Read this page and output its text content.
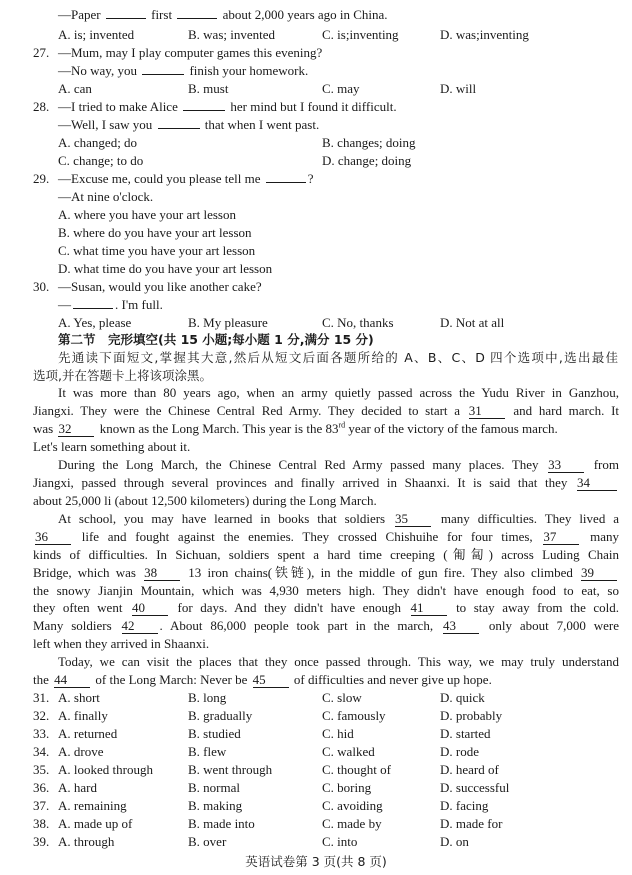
—Paper	first	about 2,000 years ago in China.
A. is; invented	B. was; invented	C. is;inventing	D. was;inventing
27. —Mum, may I play computer games this evening?
—No way, you	finish your homework.
A. can	B. must	C. may	D. will
28. —I tried to make Alice	her mind but I found it difficult.
—Well, I saw you	that when I went past.
A. changed; do	B. changes; doing
C. change; to do	D. change; doing
29. —Excuse me, could you please tell me	?
—At nine o'clock.
A. where you have your art lesson
B. where do you have your art lesson
C. what time you have your art lesson
D. what time do you have your art lesson
30. —Susan, would you like another cake?
—	. I'm full.
A. Yes, please	B. My pleasure	C. No, thanks	D. Not at all
第二节　完形填空(共 15 小题;每小题 1 分,满分 15 分)
先通读下面短文,掌握其大意,然后从短文后面各题所给的 A、B、C、D 四个选项中,选出最佳
选项,并在答题卡上将该项涂黑。
It was more than 80 years ago, when an army quietly passed across the Yudu River in Ganzhou,
Jiangxi. They were the Chinese Central Red Army. They decided to start a 31 and hard march. It
was 32 known as the Long March. This year is the 83rd year of the victory of the famous march.
Let's learn something about it.
During the Long March, the Chinese Central Red Army passed many places. They 33	from
Jiangxi, passed through several provinces and finally arrived in Shaanxi. It is said that they 34
about 25,000 li (about 12,500 kilometers) during the Long March.
At school, you may have learned in books that soldiers 35	many difficulties. They lived a
36	life and fought against the enemies. They crossed Chishuihe for four times, 37	many
kinds of difficulties. In Sichuan, soldiers spent a hard time creeping (匍匐) across Luding Chain
Bridge, which was 38 13 iron chains(铁链), in the middle of gun fire. They also climbed 39
the snowy Jianjin Mountain, which was 4,930 meters high. They didn't have enough food to eat, so
they often went 40	for days. And they didn't have enough 41	to stay away from the cold.
Many soldiers 42 . About 86,000 people took part in the march, 43	only about 7,000 were
left when they arrived in Shaanxi.
Today, we can visit the places that they once passed through. This way, we may truly understand
the 44 of the Long March: Never be 45 of difficulties and never give up hope.
31. A. short	B. long	C. slow	D. quick
32. A. finally	B. gradually	C. famously	D. probably
33. A. returned	B. studied	C. hid	D. started
34. A. drove	B. flew	C. walked	D. rode
35. A. looked through	B. went through	C. thought of	D. heard of
36. A. hard	B. normal	C. boring	D. successful
37. A. remaining	B. making	C. avoiding	D. facing
38. A. made up of	B. made into	C. made by	D. made for
39. A. through	B. over	C. into	D. on
英语试卷第 3 页(共 8 页)
